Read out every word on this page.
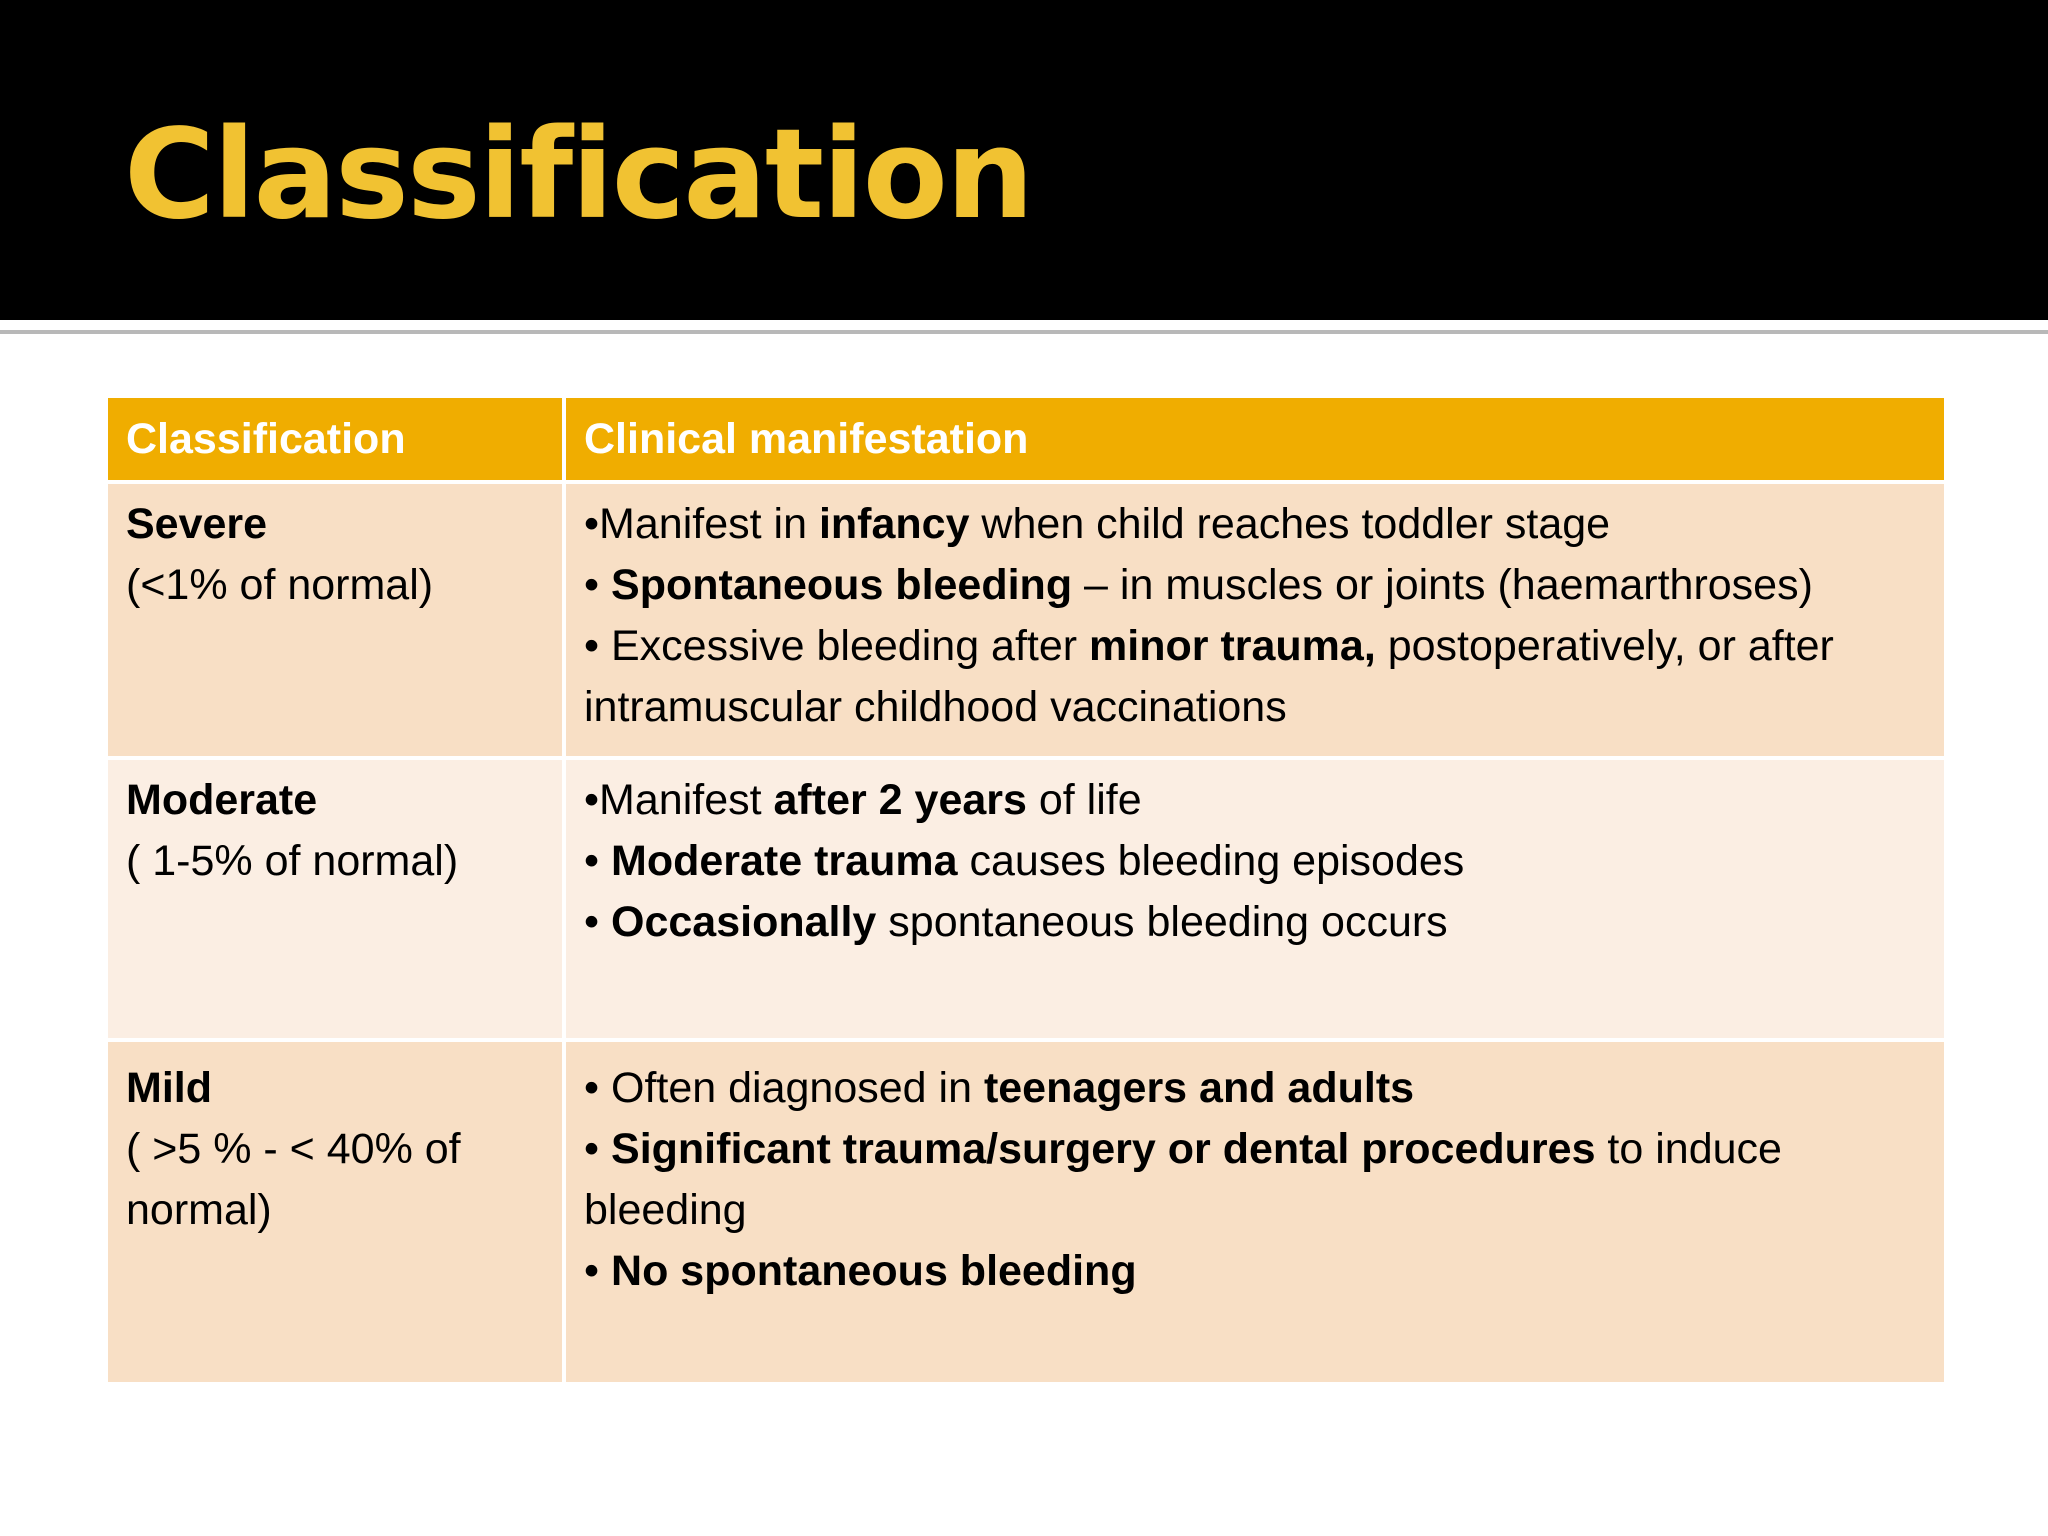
Classification
Classification	Clinical manifestation

Severe
(<1% of normal)	•Manifest in infancy when child reaches toddler stage
• Spontaneous bleeding – in muscles or joints (haemarthroses)
• Excessive bleeding after minor trauma, postoperatively, or after intramuscular childhood vaccinations

Moderate
( 1-5% of normal)	•Manifest after 2 years of life
• Moderate trauma causes bleeding episodes
• Occasionally spontaneous bleeding occurs

Mild
( >5 % - < 40% of normal)	• Often diagnosed in teenagers and adults
• Significant trauma/surgery or dental procedures to induce bleeding
• No spontaneous bleeding
